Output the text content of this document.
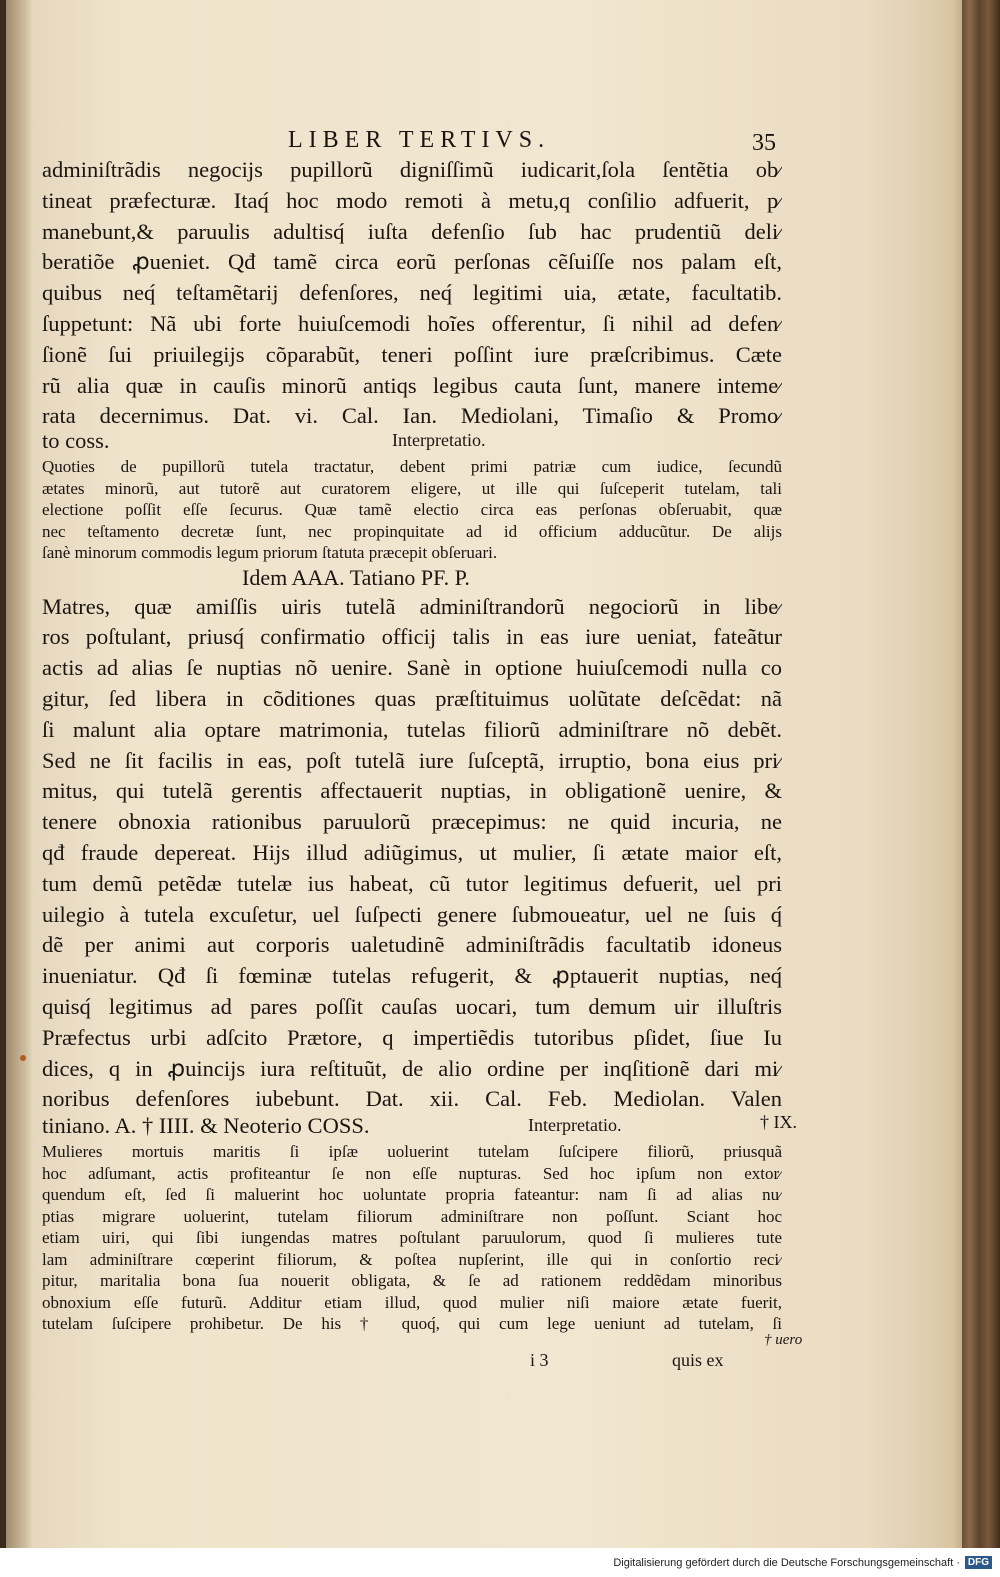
LIBER TERTIVS.	35
adminiſtrãdis negocijs pupillorũ digniſſimũ iudicarit,ſola ſentẽtia ob⁄
tineat præfecturæ. Itaq́ hoc modo remoti à metu,q conſilio adfuerit, p⁄
manebunt,& paruulis adultisq́ iuſta defenſio ſub hac prudentiũ deli⁄
beratiõe ꝓueniet. Qđ tamẽ circa eorũ perſonas cẽſuiſſe nos palam eſt,
quibus neq́ teſtamẽtarij defenſores, neq́ legitimi uia, ætate, facultatib.
ſuppetunt: Nã ubi forte huiuſcemodi hoĩes offerentur, ſi nihil ad defen⁄
ſionẽ ſui priuilegijs cõparabũt, teneri poſſint iure præſcribimus. Cæte
rũ alia quæ in cauſis minorũ antiqs legibus cauta ſunt, manere inteme⁄
rata decernimus. Dat. vi. Cal. Ian. Mediolani, Timaſio & Promo⁄
to coss.	Interpretatio.
Quoties de pupillorũ tutela tractatur, debent primi patriæ cum iudice, ſecundũ
ætates minorũ, aut tutorẽ aut curatorem eligere, ut ille qui ſuſceperit tutelam, tali
electione poſſit eſſe ſecurus. Quæ tamẽ electio circa eas perſonas obſeruabit, quæ
nec teſtamento decretæ ſunt, nec propinquitate ad id officium adducũtur. De alijs
ſanè minorum commodis legum priorum ſtatuta præcepit obſeruari.
Idem AAA. Tatiano PF. P.
Matres, quæ amiſſis uiris tutelã adminiſtrandorũ negociorũ in libe⁄
ros poſtulant, priusq́ confirmatio officij talis in eas iure ueniat, fateãtur
actis ad alias ſe nuptias nõ uenire. Sanè in optione huiuſcemodi nulla co
gitur, ſed libera in cõditiones quas præſtituimus uolũtate deſcẽdat: nã
ſi malunt alia optare matrimonia, tutelas filiorũ adminiſtrare nõ debẽt.
Sed ne ſit facilis in eas, poſt tutelã iure ſuſceptã, irruptio, bona eius pri⁄
mitus, qui tutelã gerentis affectauerit nuptias, in obligationẽ uenire, &
tenere obnoxia rationibus paruulorũ præcepimus: ne quid incuria, ne
qđ fraude depereat. Hijs illud adiũgimus, ut mulier, ſi ætate maior eſt,
tum demũ petẽdæ tutelæ ius habeat, cũ tutor legitimus defuerit, uel pri
uilegio à tutela excuſetur, uel ſuſpecti genere ſubmoueatur, uel ne ſuis q́
dẽ per animi aut corporis ualetudinẽ adminiſtrãdis facultatib idoneus
inueniatur. Qđ ſi fœminæ tutelas refugerit, & ꝓptauerit nuptias, neq́
quisq́ legitimus ad pares poſſit cauſas uocari, tum demum uir illuſtris
Præfectus urbi adſcito Prætore, q impertiẽdis tutoribus pſidet, ſiue Iu
dices, q in ꝓuincijs iura reſtituũt, de alio ordine per inqſitionẽ dari mi⁄
noribus defenſores iubebunt. Dat. xii. Cal. Feb. Mediolan. Valen
tiniano. A. † IIII. & Neoterio COSS.	Interpretatio.
Mulieres mortuis maritis ſi ipſæ uoluerint tutelam ſuſcipere filiorũ, priusquã
hoc adſumant, actis profiteantur ſe non eſſe nupturas. Sed hoc ipſum non extor⁄
quendum eſt, ſed ſi maluerint hoc uoluntate propria fateantur: nam ſi ad alias nu⁄
ptias migrare uoluerint, tutelam filiorum adminiſtrare non poſſunt. Sciant hoc
etiam uiri, qui ſibi iungendas matres poſtulant paruulorum, quod ſi mulieres tute
lam adminiſtrare cœperint filiorum, & poſtea nupſerint, ille qui in conſortio reci⁄
pitur, maritalia bona ſua nouerit obligata, & ſe ad rationem reddẽdam minoribus
obnoxium eſſe futurũ. Additur etiam illud, quod mulier niſi maiore ætate fuerit,
tutelam ſuſcipere prohibetur. De his † quoq́, qui cum lege ueniunt ad tutelam, ſi
i 3	quis ex
† IX.
† uero
Digitalisierung gefördert durch die Deutsche Forschungsgemeinschaft · DFG
